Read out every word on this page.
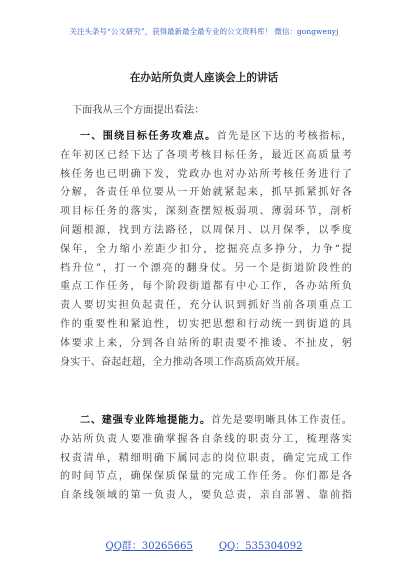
关注头条号“公文研究”，获得最新最全最专业的公文资料库！ 微信：gongwenyj
在办站所负责人座谈会上的讲话
下面我从三个方面提出看法：
一、围绕目标任务攻难点。首先是区下达的考核指标，
在年初区已经下达了各项考核目标任务，最近区高质量考
核任务也已明确下发，党政办也对办站所考核任务进行了
分解，各责任单位要从一开始就紧起来，抓早抓紧抓好各
项目标任务的落实，深刻查摆短板弱项、薄弱环节，剖析
问题根源，找到方法路径，以周保月、以月保季，以季度
保年，全力缩小差距少扣分，挖掘亮点多挣分，力争“提
档升位”，打一个漂亮的翻身仗。另一个是街道阶段性的
重点工作任务，每个阶段街道都有中心工作，各办站所负
责人要切实担负起责任，充分认识到抓好当前各项重点工
作的重要性和紧迫性，切实把思想和行动统一到街道的具
体要求上来，分到各自站所的职责要不推诿、不扯皮，躬
身实干、奋起赶超，全力推动各项工作高质高效开展。
二、建强专业阵地提能力。首先是要明晰具体工作责任。
办站所负责人要准确掌握各自条线的职责分工，梳理落实
权责清单，精细明确下属同志的岗位职责，确定完成工作
的时间节点，确保保质保量的完成工作任务。你们都是各
自条线领域的第一负责人，要负总责，亲自部署、靠前指
QQ群：30265665	QQ：535304092
